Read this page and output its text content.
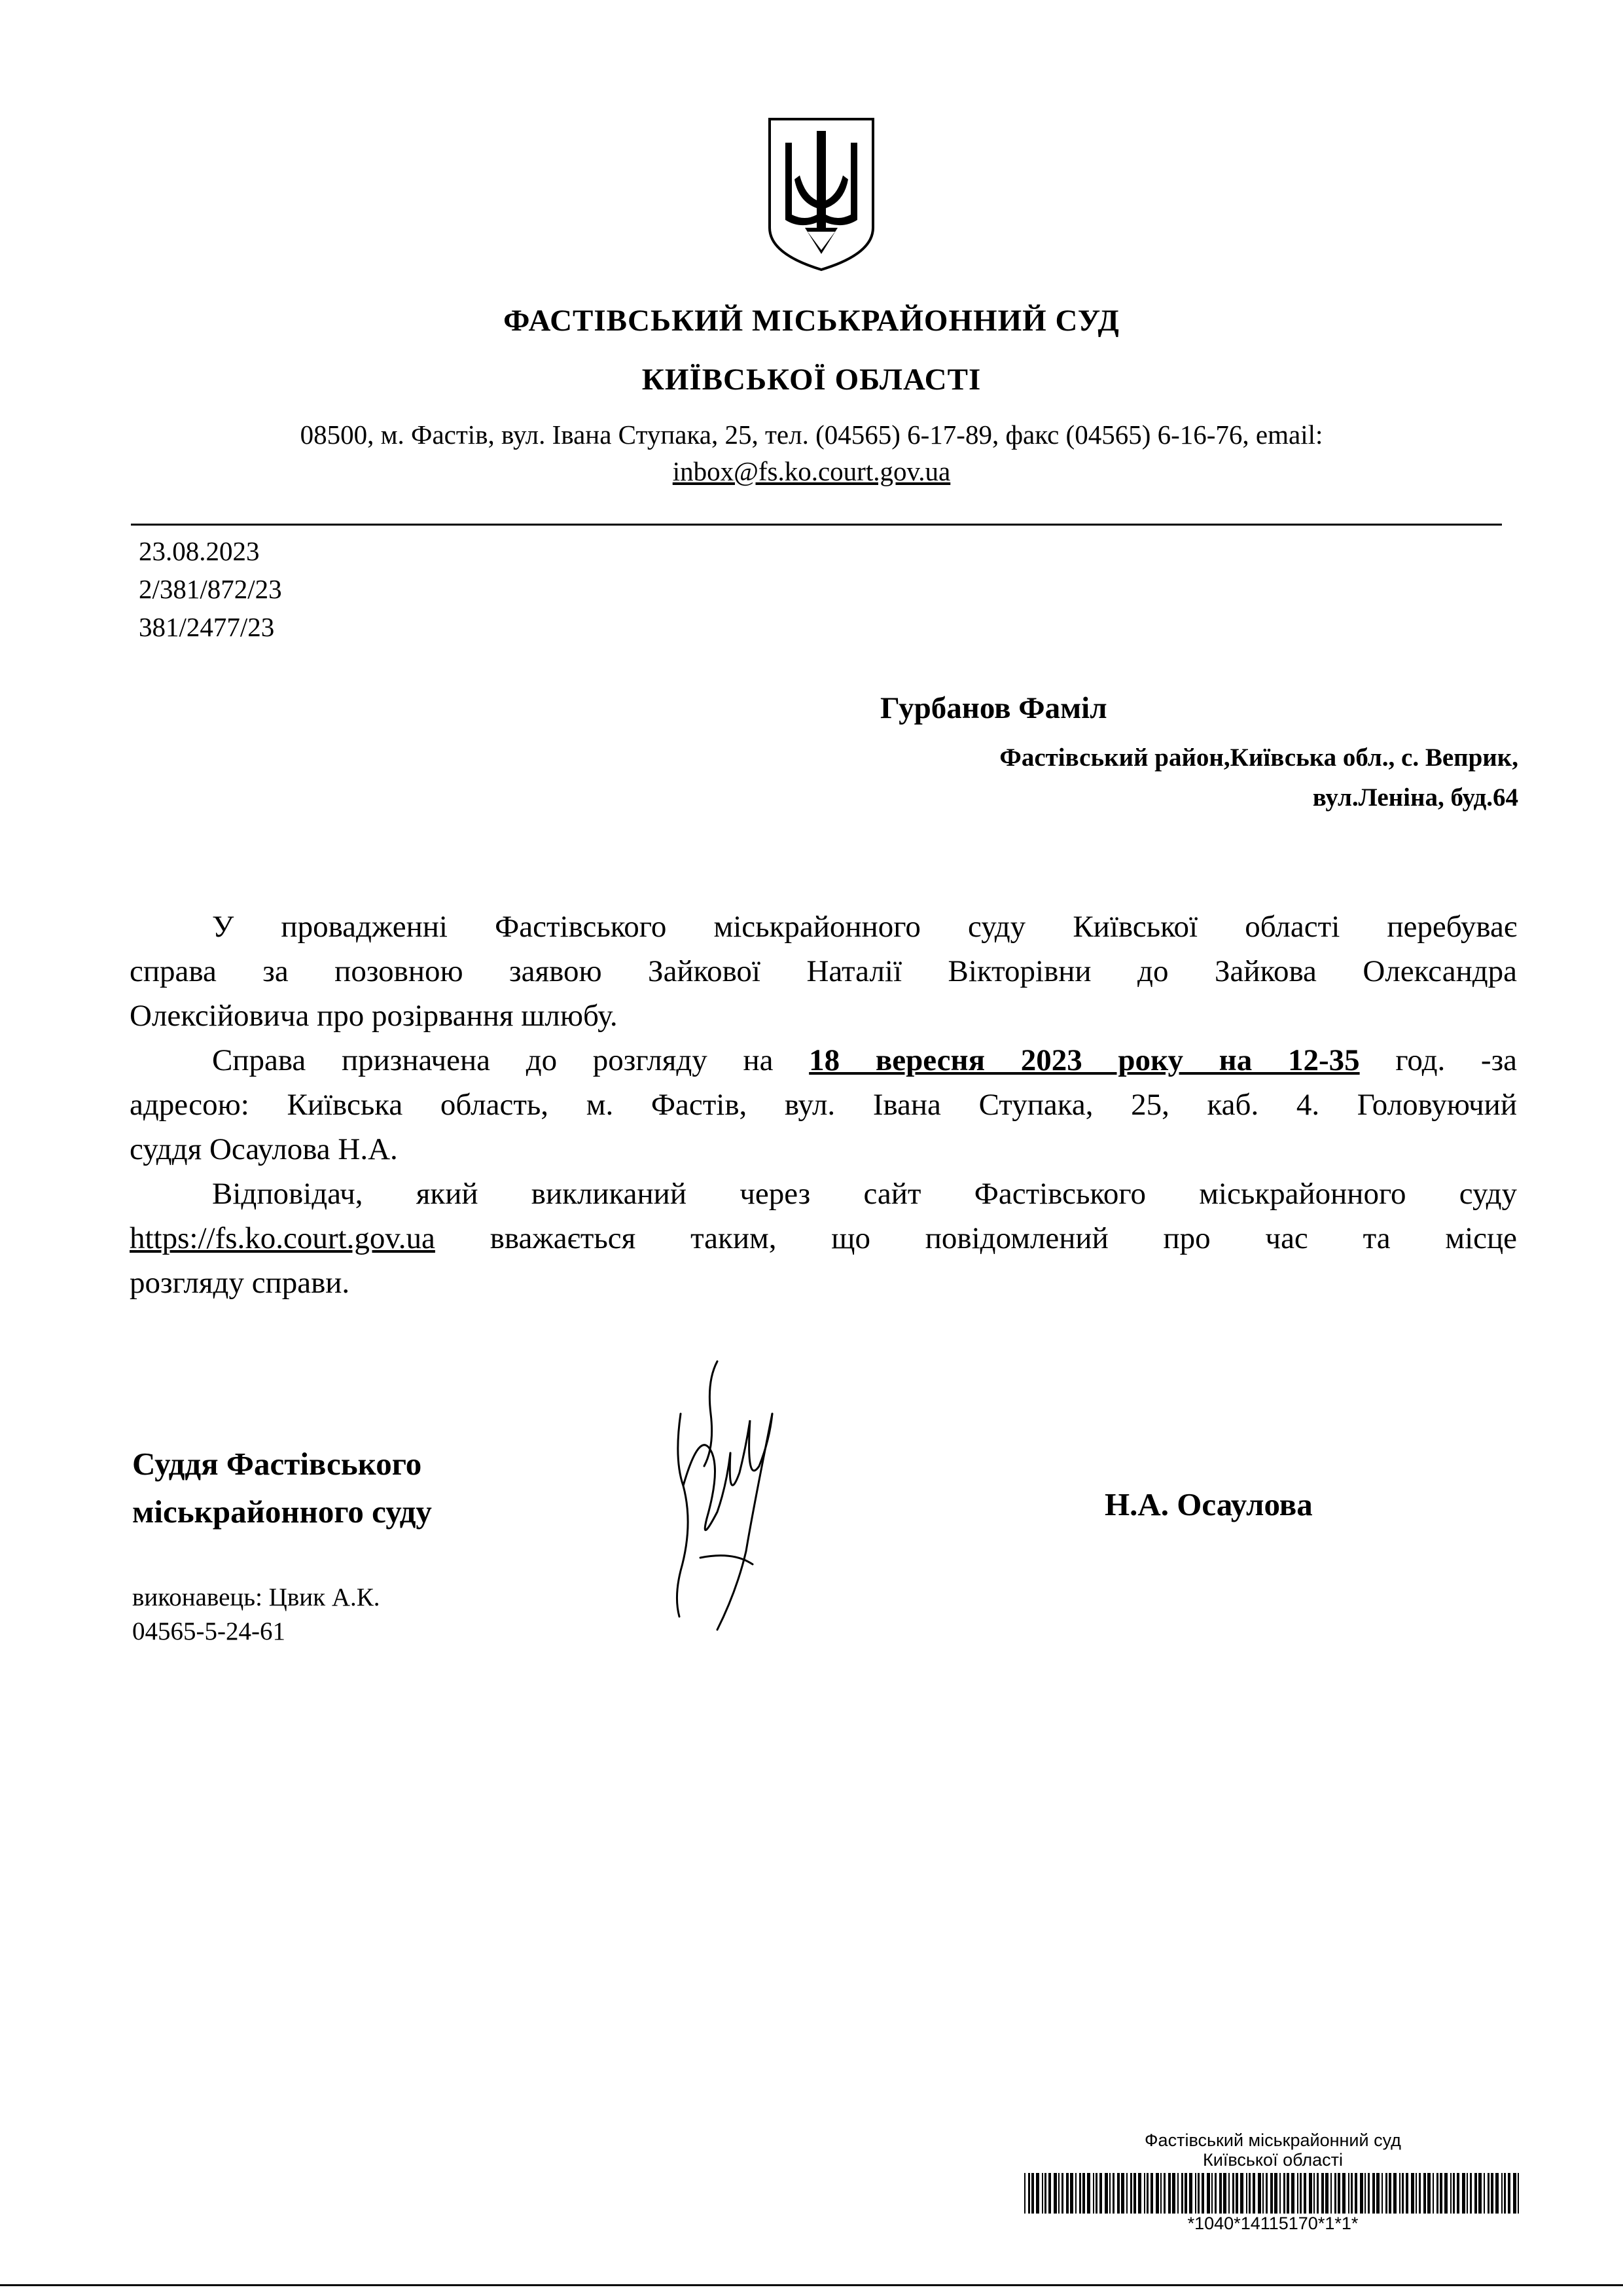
ФАСТІВСЬКИЙ МІСЬКРАЙОННИЙ СУД
КИЇВСЬКОЇ ОБЛАСТІ
08500, м. Фастів, вул. Івана Ступака, 25, тел. (04565) 6-17-89, факс (04565) 6-16-76, email:
inbox@fs.ko.court.gov.ua
23.08.2023
2/381/872/23
381/2477/23
Гурбанов Фаміл
Фастівський район,Київська обл., с. Веприк,
вул.Леніна, буд.64
У провадженні Фастівського міськрайонного суду Київської області перебуває
справа за позовною заявою Зайкової Наталії Вікторівни до Зайкова Олександра
Олексійовича про розірвання шлюбу.
Справа призначена до розгляду на 18 вересня 2023 року на 12-35 год. -за
адресою: Київська область, м. Фастів, вул. Івана Ступака, 25, каб. 4. Головуючий
суддя Осаулова Н.А.
Відповідач, який викликаний через сайт Фастівського міськрайонного суду
https://fs.ko.court.gov.ua вважається таким, що повідомлений про час та місце
розгляду справи.
Суддя Фастівського
міськрайонного суду	Н.А. Осаулова
виконавець: Цвик А.К.
04565-5-24-61
Фастівський міськрайонний суд
Київської області
*1040*14115170*1*1*
